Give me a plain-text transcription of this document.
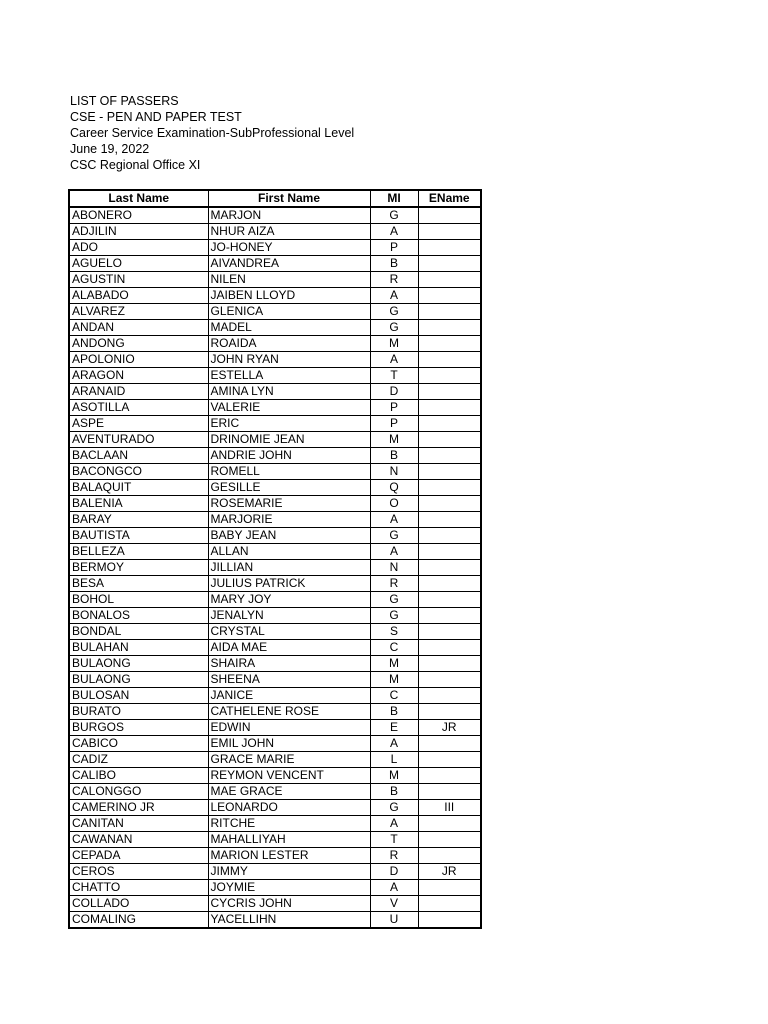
LIST OF PASSERS
CSE - PEN AND PAPER TEST
Career Service Examination-SubProfessional Level
June 19, 2022
CSC Regional Office XI
Last Name	First Name	MI	EName
ABONERO	MARJON	G	
ADJILIN	NHUR AIZA	A	
ADO	JO-HONEY	P	
AGUELO	AIVANDREA	B	
AGUSTIN	NILEN	R	
ALABADO	JAIBEN LLOYD	A	
ALVAREZ	GLENICA	G	
ANDAN	MADEL	G	
ANDONG	ROAIDA	M	
APOLONIO	JOHN RYAN	A	
ARAGON	ESTELLA	T	
ARANAID	AMINA LYN	D	
ASOTILLA	VALERIE	P	
ASPE	ERIC	P	
AVENTURADO	DRINOMIE JEAN	M	
BACLAAN	ANDRIE JOHN	B	
BACONGCO	ROMELL	N	
BALAQUIT	GESILLE	Q	
BALENIA	ROSEMARIE	O	
BARAY	MARJORIE	A	
BAUTISTA	BABY JEAN	G	
BELLEZA	ALLAN	A	
BERMOY	JILLIAN	N	
BESA	JULIUS PATRICK	R	
BOHOL	MARY JOY	G	
BONALOS	JENALYN	G	
BONDAL	CRYSTAL	S	
BULAHAN	AIDA MAE	C	
BULAONG	SHAIRA	M	
BULAONG	SHEENA	M	
BULOSAN	JANICE	C	
BURATO	CATHELENE ROSE	B	
BURGOS	EDWIN	E	JR
CABICO	EMIL JOHN	A	
CADIZ	GRACE MARIE	L	
CALIBO	REYMON VENCENT	M	
CALONGGO	MAE GRACE	B	
CAMERINO JR	LEONARDO	G	III
CANITAN	RITCHE	A	
CAWANAN	MAHALLIYAH	T	
CEPADA	MARION LESTER	R	
CEROS	JIMMY	D	JR
CHATTO	JOYMIE	A	
COLLADO	CYCRIS JOHN	V	
COMALING	YACELLIHN	U	
